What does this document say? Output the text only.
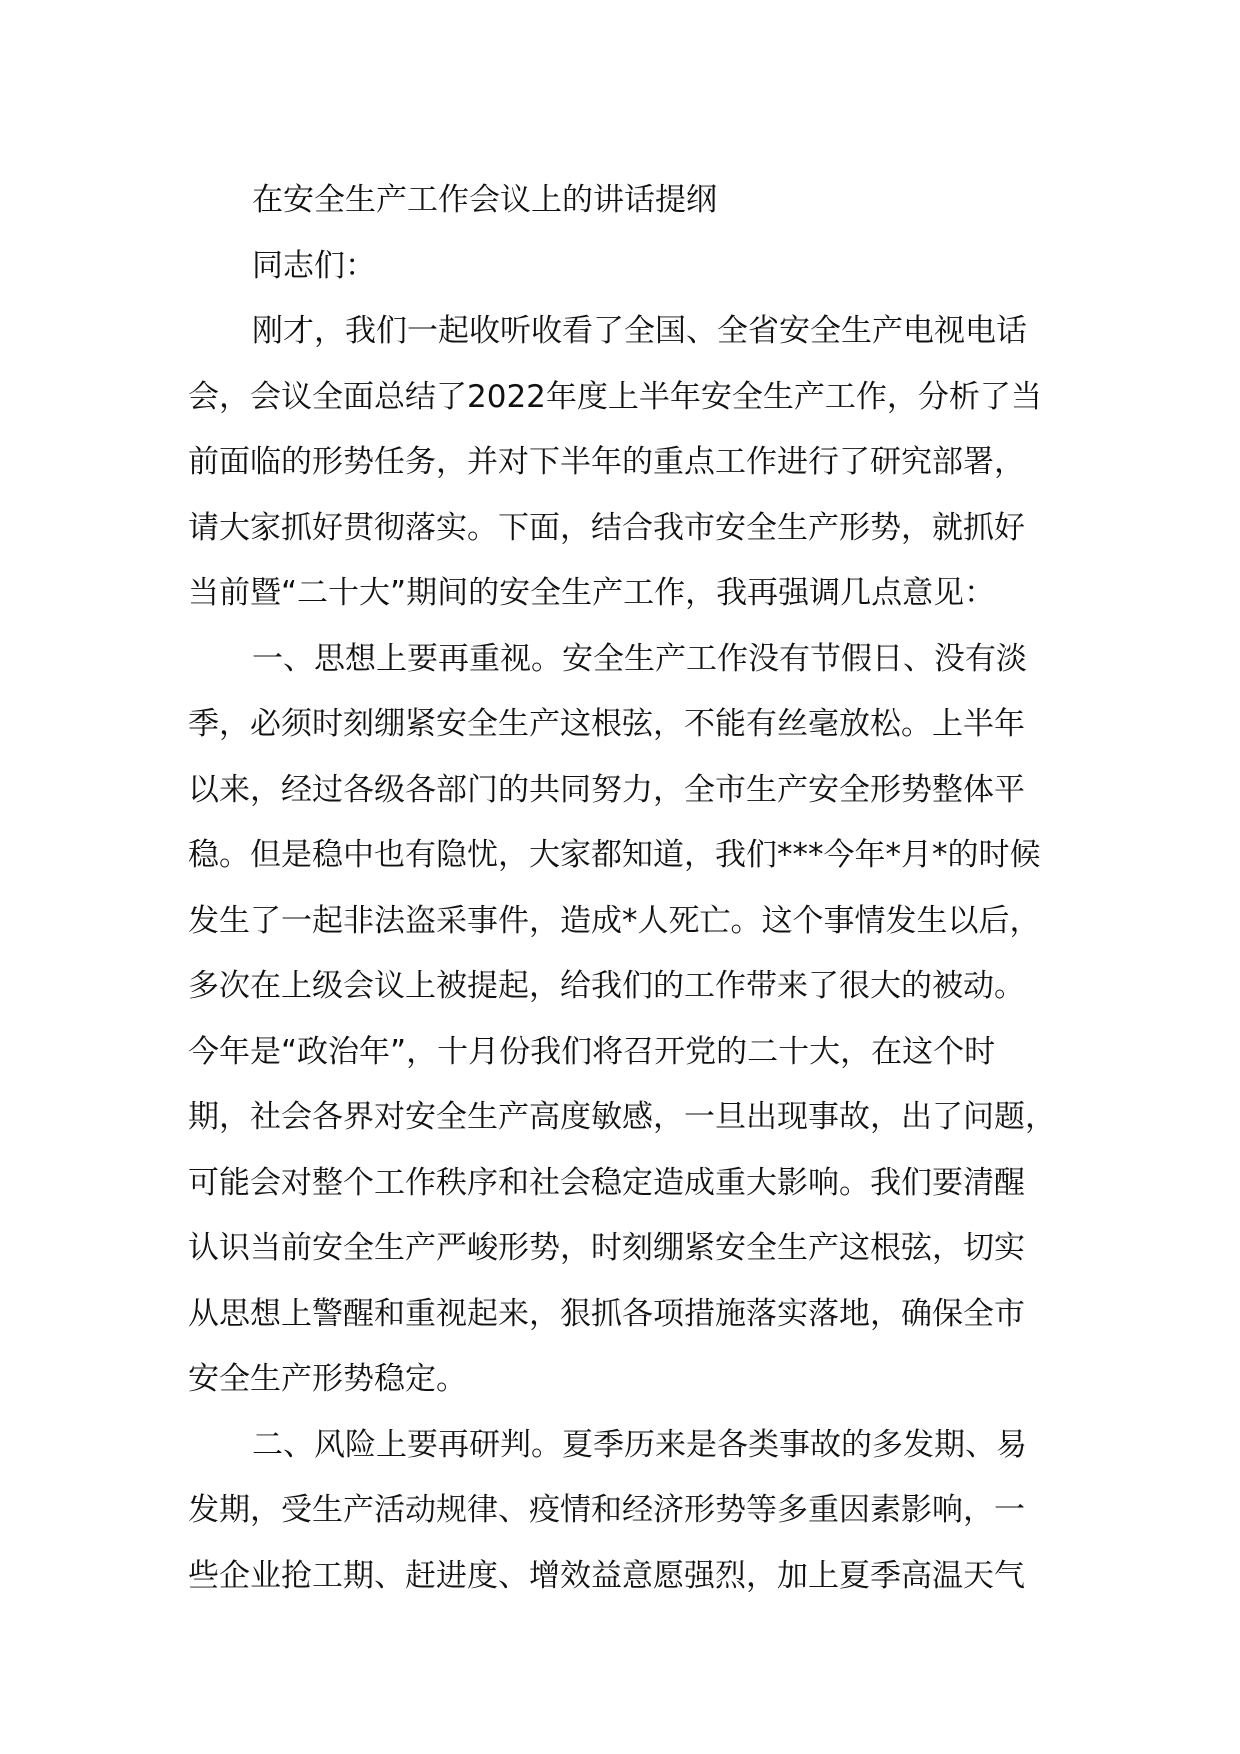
在安全生产工作会议上的讲话提纲
同志们：
刚才，我们一起收听收看了全国、全省安全生产电视电话
会，会议全面总结了2022年度上半年安全生产工作，分析了当
前面临的形势任务，并对下半年的重点工作进行了研究部署，
请大家抓好贯彻落实。下面，结合我市安全生产形势，就抓好
当前暨“二十大”期间的安全生产工作，我再强调几点意见：
一、思想上要再重视。安全生产工作没有节假日、没有淡
季，必须时刻绷紧安全生产这根弦，不能有丝毫放松。上半年
以来，经过各级各部门的共同努力，全市生产安全形势整体平
稳。但是稳中也有隐忧，大家都知道，我们***今年*月*的时候
发生了一起非法盗采事件，造成*人死亡。这个事情发生以后，
多次在上级会议上被提起，给我们的工作带来了很大的被动。
今年是“政治年”，十月份我们将召开党的二十大，在这个时
期，社会各界对安全生产高度敏感，一旦出现事故，出了问题，
可能会对整个工作秩序和社会稳定造成重大影响。我们要清醒
认识当前安全生产严峻形势，时刻绷紧安全生产这根弦，切实
从思想上警醒和重视起来，狠抓各项措施落实落地，确保全市
安全生产形势稳定。
二、风险上要再研判。夏季历来是各类事故的多发期、易
发期，受生产活动规律、疫情和经济形势等多重因素影响，一
些企业抢工期、赶进度、增效益意愿强烈，加上夏季高温天气
